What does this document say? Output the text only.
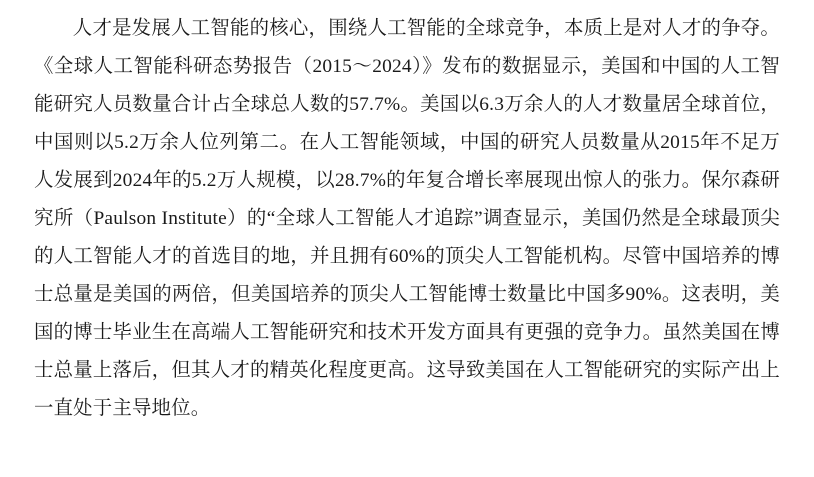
人才是发展人工智能的核心，围绕人工智能的全球竞争，本质上是对人才的争夺。《全球人工智能科研态势报告（2015～2024）》发布的数据显示，美国和中国的人工智能研究人员数量合计占全球总人数的57.7%。美国以6.3万余人的人才数量居全球首位，中国则以5.2万余人位列第二。在人工智能领域，中国的研究人员数量从2015年不足万人发展到2024年的5.2万人规模，以28.7%的年复合增长率展现出惊人的张力。保尔森研究所（Paulson Institute）的“全球人工智能人才追踪”调查显示，美国仍然是全球最顶尖的人工智能人才的首选目的地，并且拥有60%的顶尖人工智能机构。尽管中国培养的博士总量是美国的两倍，但美国培养的顶尖人工智能博士数量比中国多90%。这表明，美国的博士毕业生在高端人工智能研究和技术开发方面具有更强的竞争力。虽然美国在博士总量上落后，但其人才的精英化程度更高。这导致美国在人工智能研究的实际产出上一直处于主导地位。
